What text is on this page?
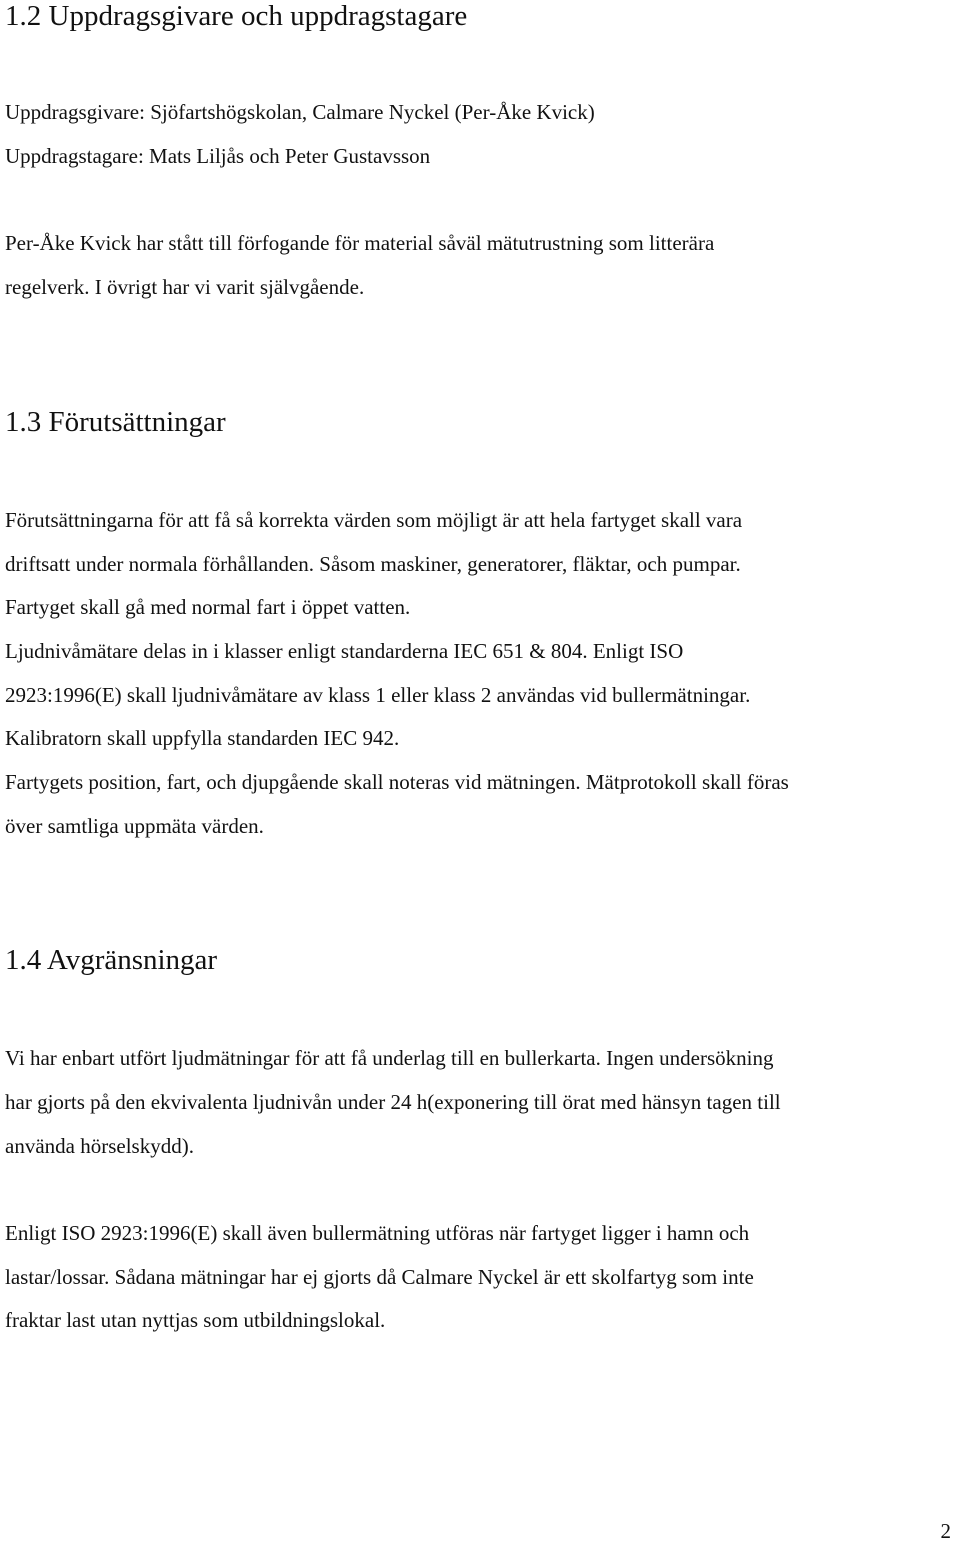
1.2 Uppdragsgivare och uppdragstagare
Uppdragsgivare: Sjöfartshögskolan, Calmare Nyckel (Per-Åke Kvick)
Uppdragstagare: Mats Liljås och Peter Gustavsson
Per-Åke Kvick har stått till förfogande för material såväl mätutrustning som litterära
regelverk. I övrigt har vi varit självgående.
1.3 Förutsättningar
Förutsättningarna för att få så korrekta värden som möjligt är att hela fartyget skall vara
driftsatt under normala förhållanden. Såsom maskiner, generatorer, fläktar, och pumpar.
Fartyget skall gå med normal fart i öppet vatten.
Ljudnivåmätare delas in i klasser enligt standarderna IEC 651 & 804. Enligt ISO
2923:1996(E) skall ljudnivåmätare av klass 1 eller klass 2 användas vid bullermätningar.
Kalibratorn skall uppfylla standarden IEC 942.
Fartygets position, fart, och djupgående skall noteras vid mätningen. Mätprotokoll skall föras
över samtliga uppmäta värden.
1.4 Avgränsningar
Vi har enbart utfört ljudmätningar för att få underlag till en bullerkarta. Ingen undersökning
har gjorts på den ekvivalenta ljudnivån under 24 h(exponering till örat med hänsyn tagen till
använda hörselskydd).
Enligt ISO 2923:1996(E) skall även bullermätning utföras när fartyget ligger i hamn och
lastar/lossar. Sådana mätningar har ej gjorts då Calmare Nyckel är ett skolfartyg som inte
fraktar last utan nyttjas som utbildningslokal.
2
